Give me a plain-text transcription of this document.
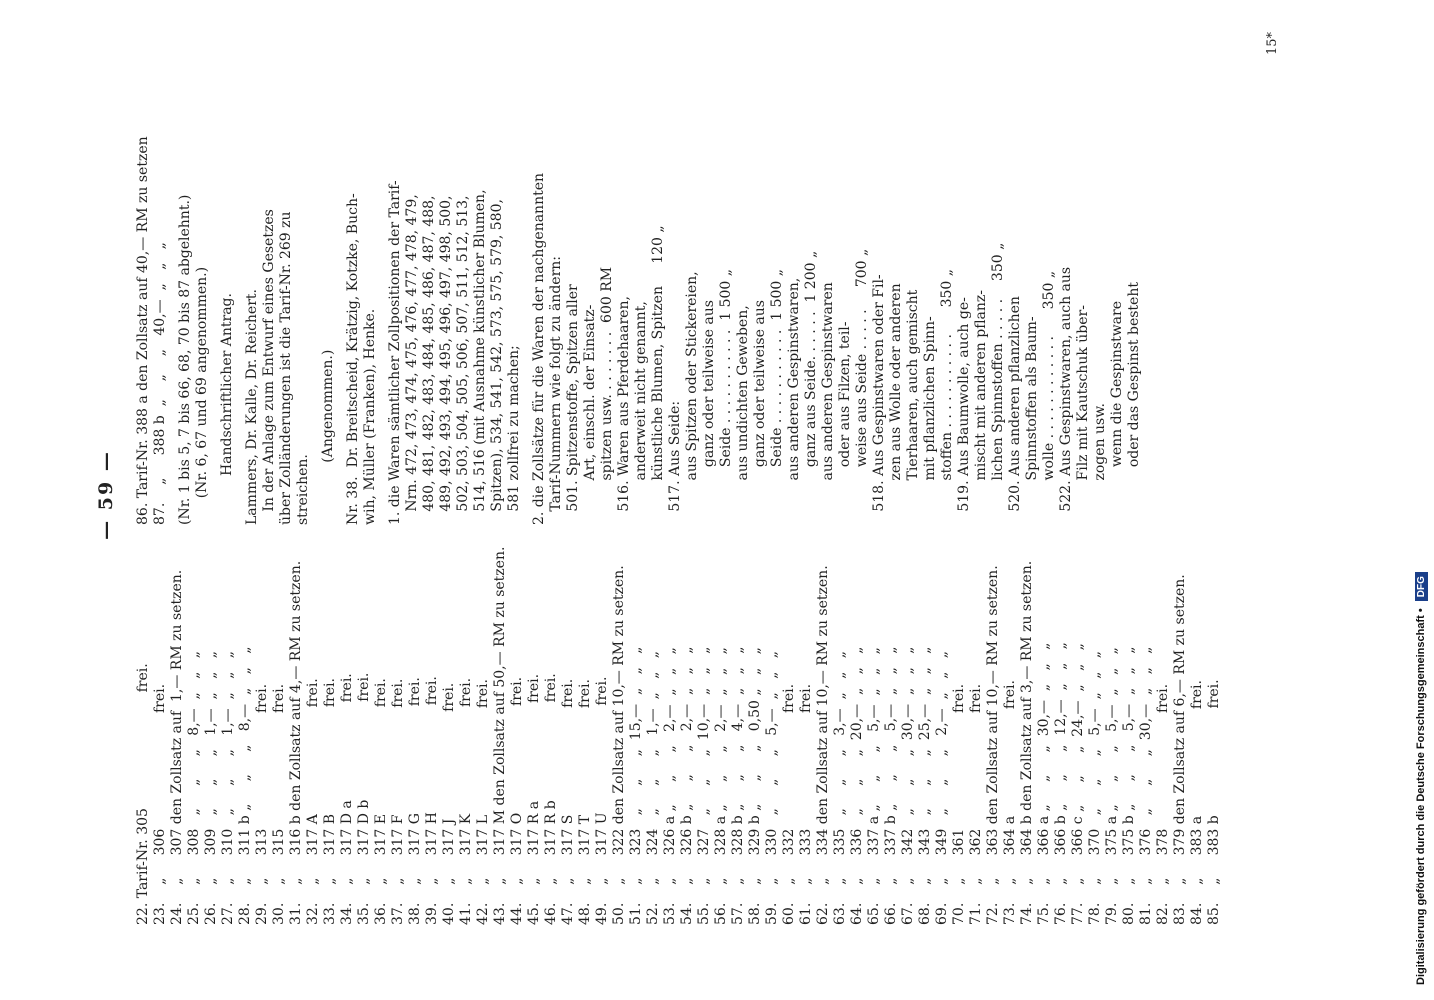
— 59 —
22. Tarif-Nr. 305                          frei. 23.    „     306                          frei. 24.    „     307 den Zollsatz auf  1,— RM zu setzen. 25.    „     308   „     „     „   8,—  „   „   „ 26.    „     309   „     „     „   1,—  „   „   „ 27.    „     310   „     „     „   1,—  „   „   „ 28.    „     311 b „     „     „   8,—  „   „   „ 29.    „     313                          frei. 30.    „     315                          frei. 31.    „     316 b den Zollsatz auf 4,— RM zu setzen. 32.    „     317 A                        frei. 33.    „     317 B                        frei. 34.    „     317 D a                      frei. 35.    „     317 D b                      frei. 36.    „     317 E                        frei. 37.    „     317 F                        frei. 38.    „     317 G                        frei. 39.    „     317 H                        frei. 40.    „     317 J                        frei. 41.    „     317 K                        frei. 42.    „     317 L                        frei. 43.    „     317 M den Zollsatz auf 50,— RM zu setzen. 44.    „     317 O                        frei. 45.    „     317 R a                      frei. 46.    „     317 R b                      frei. 47.    „     317 S                        frei. 48.    „     317 T                        frei. 49.    „     317 U                        frei. 50.    „     322 den Zollsatz auf 10,— RM zu setzen. 51.    „     323   „     „     „  15,—  „   „   „ 52.    „     324   „     „     „   1,—  „   „   „ 53.    „     326 a „     „     „   2,—  „   „   „ 54.    „     326 b „     „     „   2,—  „   „   „ 55.    „     327   „     „     „  10,—  „   „   „ 56.    „     328 a „     „     „   2,—  „   „   „ 57.    „     328 b „     „     „   4,—  „   „   „ 58.    „     329 b „     „     „   0,50 „   „   „ 59.    „     330   „     „     „   5,—  „   „   „ 60.    „     332                          frei. 61.    „     333                          frei. 62.    „     334 den Zollsatz auf 10,— RM zu setzen. 63.    „     335   „     „     „   3,—  „   „   „ 64.    „     336   „     „     „  20,—  „   „   „ 65.    „     337 a „     „     „   5,—  „   „   „ 66.    „     337 b „     „     „   5,—  „   „   „ 67.    „     342   „     „     „  30,—  „   „   „ 68.    „     343   „     „     „  25,—  „   „   „ 69.    „     349   „     „     „   2,—  „   „   „ 70.    „     361                          frei. 71.    „     362                          frei. 72.    „     363 den Zollsatz auf 10,— RM zu setzen. 73.    „     364 a                        frei. 74.    „     364 b den Zollsatz auf 3,— RM zu setzen. 75.    „     366 a „     „     „  30,—  „   „   „ 76.    „     366 b „     „     „  12,—  „   „   „ 77.    „     366 c „     „     „  24,—  „   „   „ 78.    „     370   „     „     „   5,—  „   „   „ 79.    „     375 a „     „     „   5,—  „   „   „ 80.    „     375 b „     „     „   5,—  „   „   „ 81.    „     376   „     „     „  30,—  „   „   „ 82.    „     378                          frei. 83.    „     379 den Zollsatz auf 6,— RM zu setzen. 84.    „     383 a                        frei. 85.    „     383 b                        frei.
86. Tarif-Nr. 388 a den Zollsatz auf 40,— RM zu setzen 87.    „     388 b  „    „    „   40,—  „   „   „ (Nr. 1 bis 5, 7 bis 66, 68, 70 bis 87 abgelehnt.) (Nr. 6, 67 und 69 angenommen.) Handschriftlicher Antrag. Lammers, Dr. Kalle, Dr. Reichert. In der Anlage zum Entwurf eines Gesetzes über Zolländerungen ist die Tarif-Nr. 269 zu streichen. (Angenommen.) Nr. 38.  Dr. Breitscheid, Krätzig, Kotzke, Buch- wih, Müller (Franken), Henke. 1. die Waren sämtlicher Zollpositionen der Tarif- Nrn. 472, 473, 474, 475, 476, 477, 478, 479, 480, 481, 482, 483, 484, 485, 486, 487, 488, 489, 492, 493, 494, 495, 496, 497, 498, 500, 502, 503, 504, 505, 506, 507, 511, 512, 513, 514, 516 (mit Ausnahme künstlicher Blumen, Spitzen), 534, 541, 542, 573, 575, 579, 580, 581 zollfrei zu machen; 2. die Zollsätze für die Waren der nachgenannten Tarif-Nummern wie folgt zu ändern: 501. Spitzenstoffe, Spitzen aller Art, einschl. der Einsatz- spitzen usw. . . . . . . .  600 RM 516. Waren aus Pferdehaaren, anderweit nicht genannt, künstliche Blumen, Spitzen     120 „ 517. Aus Seide: aus Spitzen oder Stickereien, ganz oder teilweise aus Seide . . . . . . . . . . .  1 500 „ aus undichten Geweben, ganz oder teilweise aus Seide . . . . . . . . . . .  1 500 „ aus anderen Gespinstwaren, ganz aus Seide. . . . . .  1 200 „ aus anderen Gespinstwaren oder aus Filzen, teil- weise aus Seide . . . . .     700 „ 518. Aus Gespinstwaren oder Fil- zen aus Wolle oder anderen Tierhaaren, auch gemischt mit pflanzlichen Spinn- stoffen . . . . . . . . . . .      350 „ 519. Aus Baumwolle, auch ge- mischt mit anderen pflanz- lichen Spinnstoffen . . . . .    350 „ 520. Aus anderen pflanzlichen Spinnstoffen als Baum- wolle . . . . . . . . . . . .      350 „ 522. Aus Gespinstwaren, auch aus Filz mit Kautschuk über- zogen usw. wenn die Gespinstware oder das Gespinst besteht
15*
Digitalisierung gefördert durch die Deutsche Forschungsgemeinschaft • DFG
